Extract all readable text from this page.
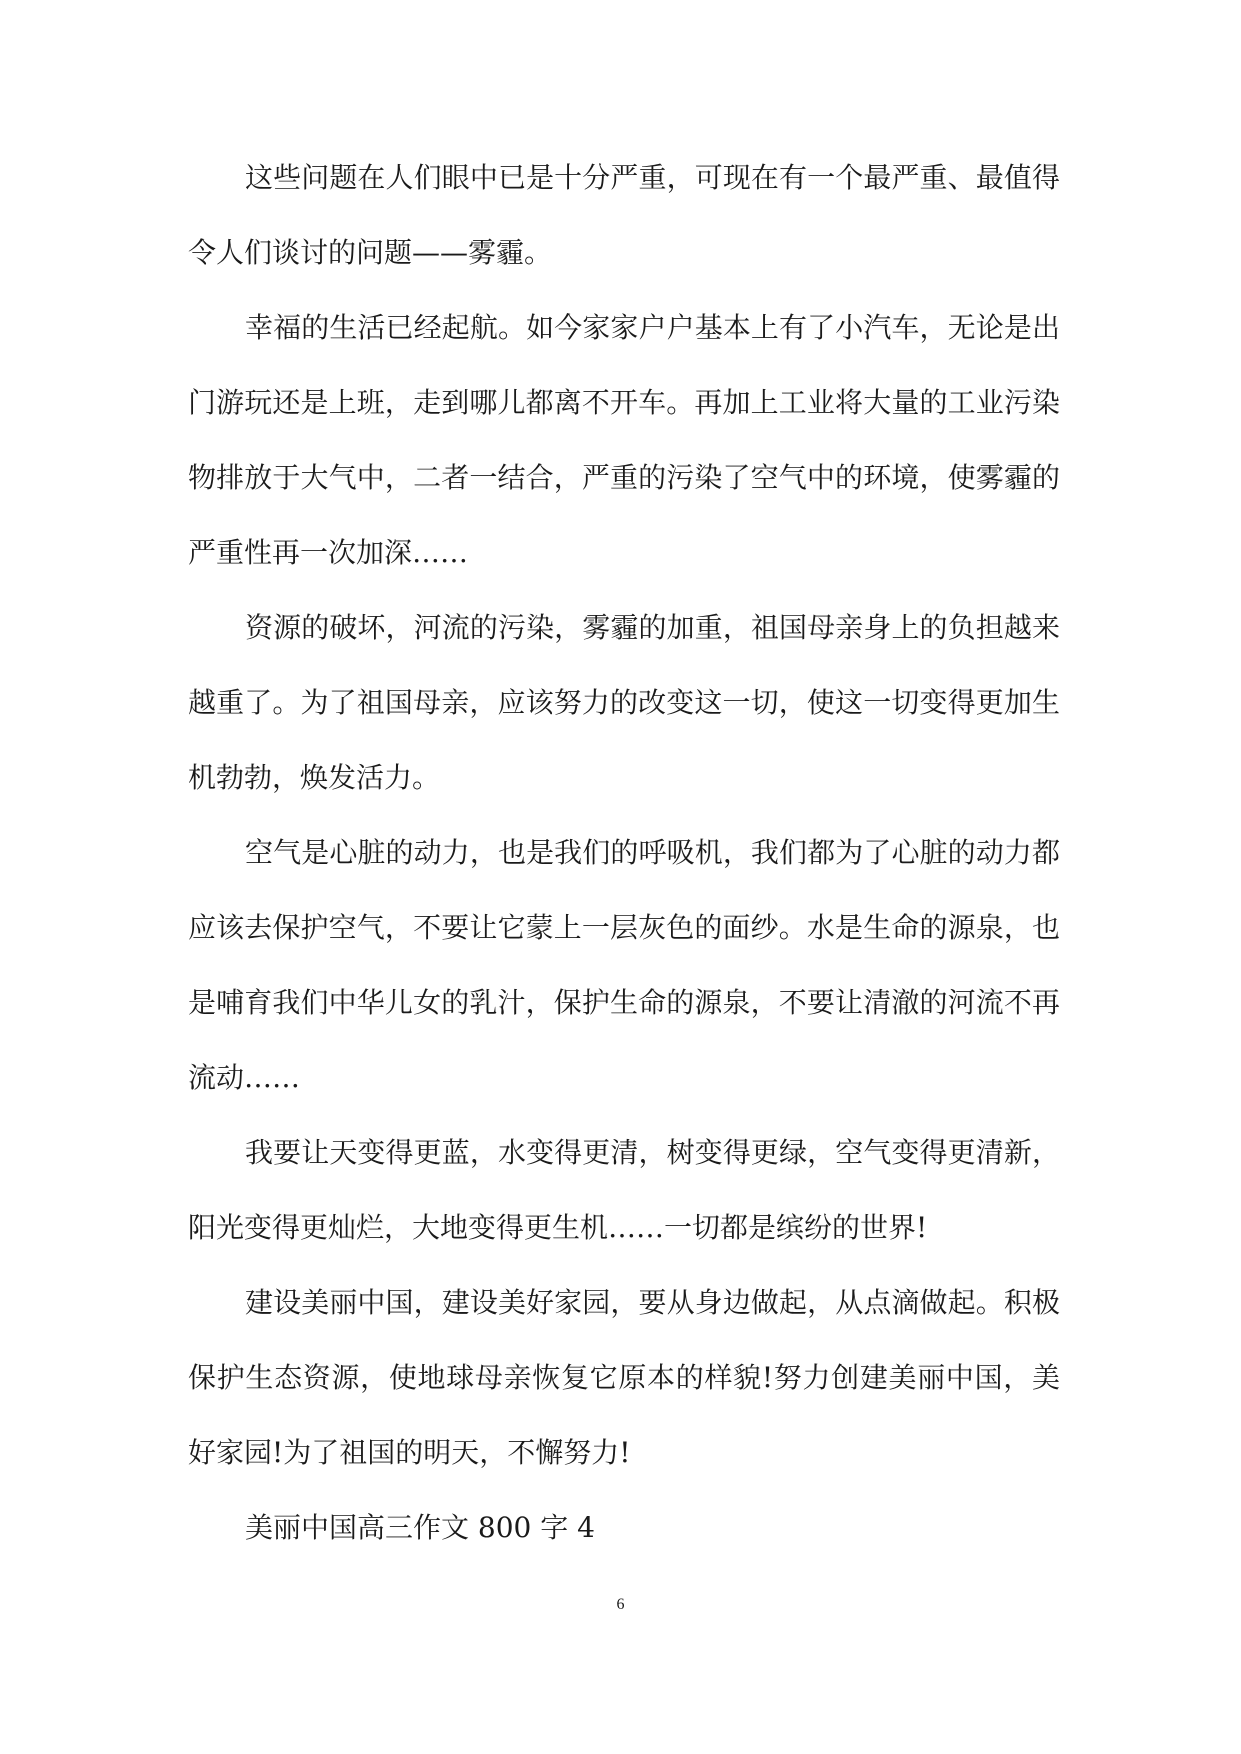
这些问题在人们眼中已是十分严重，可现在有一个最严重、最值得令人们谈讨的问题——雾霾。

幸福的生活已经起航。如今家家户户基本上有了小汽车，无论是出门游玩还是上班，走到哪儿都离不开车。再加上工业将大量的工业污染物排放于大气中，二者一结合，严重的污染了空气中的环境，使雾霾的严重性再一次加深……

资源的破坏，河流的污染，雾霾的加重，祖国母亲身上的负担越来越重了。为了祖国母亲，应该努力的改变这一切，使这一切变得更加生机勃勃，焕发活力。

空气是心脏的动力，也是我们的呼吸机，我们都为了心脏的动力都应该去保护空气，不要让它蒙上一层灰色的面纱。水是生命的源泉，也是哺育我们中华儿女的乳汁，保护生命的源泉，不要让清澈的河流不再流动……

我要让天变得更蓝，水变得更清，树变得更绿，空气变得更清新，阳光变得更灿烂，大地变得更生机……一切都是缤纷的世界!

建设美丽中国，建设美好家园，要从身边做起，从点滴做起。积极保护生态资源，使地球母亲恢复它原本的样貌!努力创建美丽中国，美好家园!为了祖国的明天，不懈努力!

美丽中国高三作文 800 字 4

6
